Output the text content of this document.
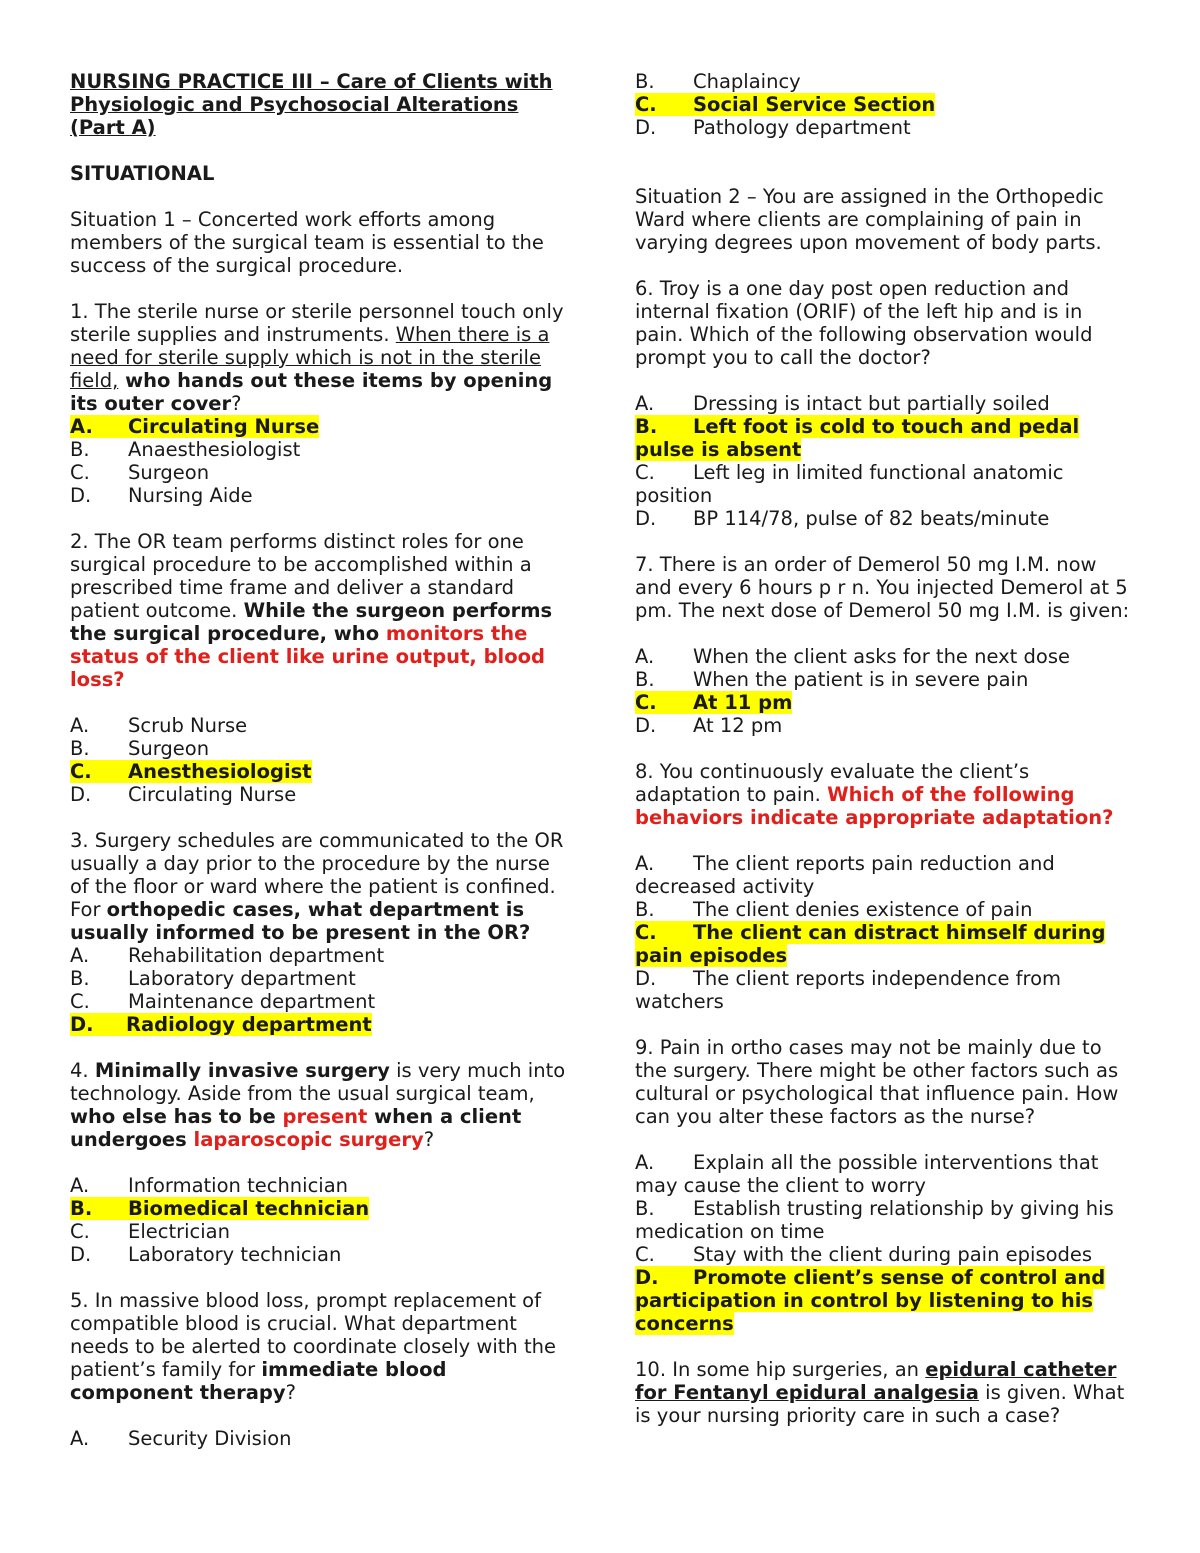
NURSING PRACTICE III – Care of Clients with Physiologic and Psychosocial Alterations (Part A)

SITUATIONAL

Situation 1 – Concerted work efforts among members of the surgical team is essential to the success of the surgical procedure.

1. The sterile nurse or sterile personnel touch only sterile supplies and instruments. When there is a need for sterile supply which is not in the sterile field, who hands out these items by opening its outer cover?

A. Circulating Nurse
B. Anaesthesiologist
C. Surgeon
D. Nursing Aide

2. The OR team performs distinct roles for one surgical procedure to be accomplished within a prescribed time frame and deliver a standard patient outcome. While the surgeon performs the surgical procedure, who monitors the status of the client like urine output, blood loss?

A. Scrub Nurse
B. Surgeon
C. Anesthesiologist
D. Circulating Nurse

3. Surgery schedules are communicated to the OR usually a day prior to the procedure by the nurse of the floor or ward where the patient is confined. For orthopedic cases, what department is usually informed to be present in the OR?

A. Rehabilitation department
B. Laboratory department
C. Maintenance department
D. Radiology department

4. Minimally invasive surgery is very much into technology. Aside from the usual surgical team, who else has to be present when a client undergoes laparoscopic surgery?

A. Information technician
B. Biomedical technician
C. Electrician
D. Laboratory technician

5. In massive blood loss, prompt replacement of compatible blood is crucial. What department needs to be alerted to coordinate closely with the patient’s family for immediate blood component therapy?

A. Security Division
B. Chaplaincy
C. Social Service Section
D. Pathology department

Situation 2 – You are assigned in the Orthopedic Ward where clients are complaining of pain in varying degrees upon movement of body parts.

6. Troy is a one day post open reduction and internal fixation (ORIF) of the left hip and is in pain. Which of the following observation would prompt you to call the doctor?

A. Dressing is intact but partially soiled
B. Left foot is cold to touch and pedal pulse is absent
C. Left leg in limited functional anatomic position
D. BP 114/78, pulse of 82 beats/minute

7. There is an order of Demerol 50 mg I.M. now and every 6 hours p r n. You injected Demerol at 5 pm. The next dose of Demerol 50 mg I.M. is given:

A. When the client asks for the next dose
B. When the patient is in severe pain
C. At 11 pm
D. At 12 pm

8. You continuously evaluate the client’s adaptation to pain. Which of the following behaviors indicate appropriate adaptation?

A. The client reports pain reduction and decreased activity
B. The client denies existence of pain
C. The client can distract himself during pain episodes
D. The client reports independence from watchers

9. Pain in ortho cases may not be mainly due to the surgery. There might be other factors such as cultural or psychological that influence pain. How can you alter these factors as the nurse?

A. Explain all the possible interventions that may cause the client to worry
B. Establish trusting relationship by giving his medication on time
C. Stay with the client during pain episodes
D. Promote client’s sense of control and participation in control by listening to his concerns

10. In some hip surgeries, an epidural catheter for Fentanyl epidural analgesia is given. What is your nursing priority care in such a case?
